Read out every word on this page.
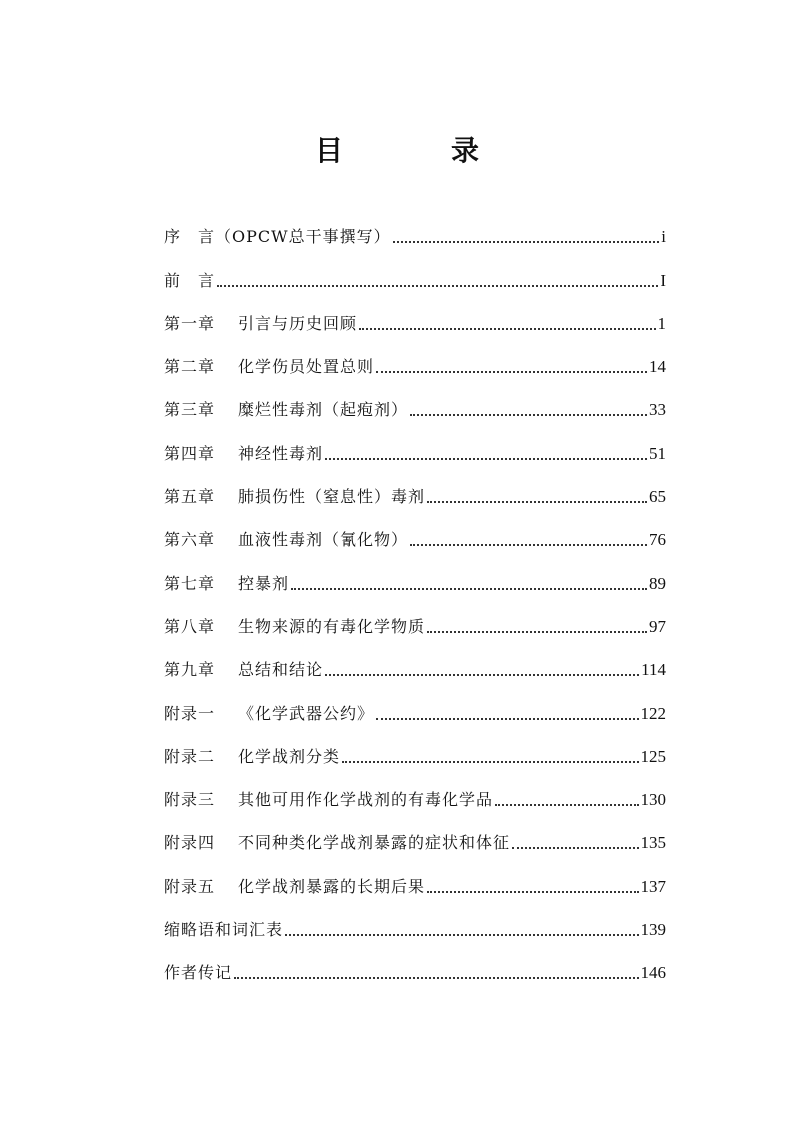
目　录
序　言（OPCW总干事撰写）	i
前　言	I
第一章 引言与历史回顾	1
第二章 化学伤员处置总则	14
第三章 糜烂性毒剂（起疱剂）	33
第四章 神经性毒剂	51
第五章 肺损伤性（窒息性）毒剂	65
第六章 血液性毒剂（氰化物）	76
第七章 控暴剂	89
第八章 生物来源的有毒化学物质	97
第九章 总结和结论	114
附录一 《化学武器公约》	122
附录二 化学战剂分类	125
附录三 其他可用作化学战剂的有毒化学品	130
附录四 不同种类化学战剂暴露的症状和体征	135
附录五 化学战剂暴露的长期后果	137
缩略语和词汇表	139
作者传记	146
